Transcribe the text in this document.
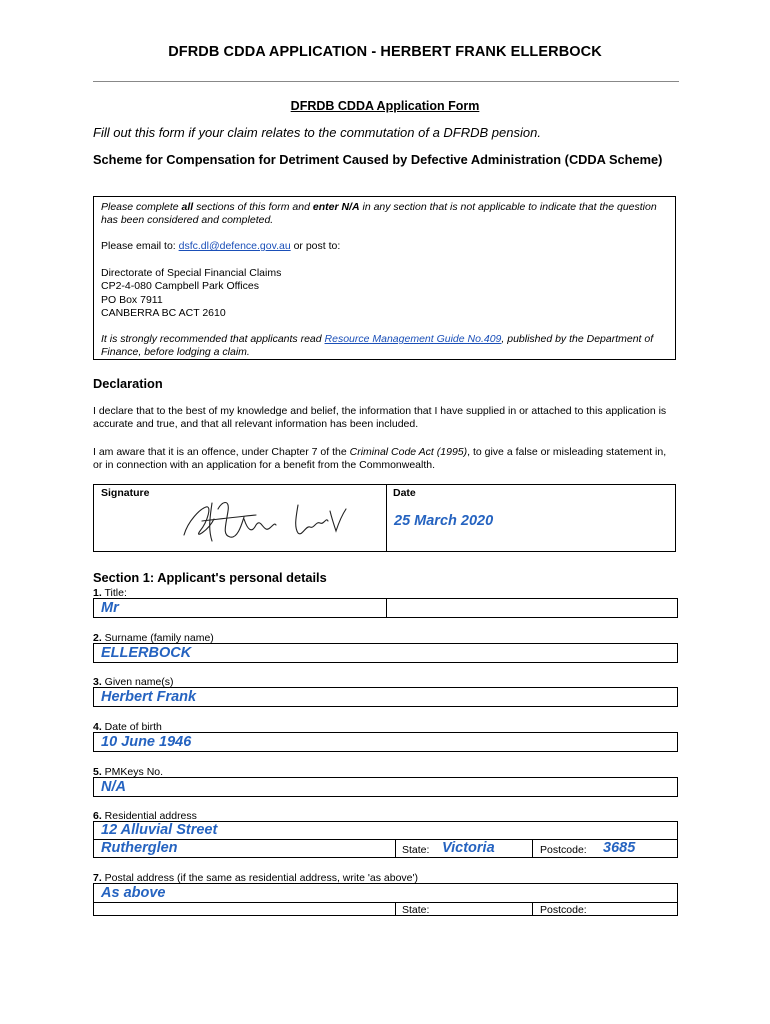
DFRDB CDDA APPLICATION - HERBERT FRANK ELLERBOCK
DFRDB CDDA Application Form
Fill out this form if your claim relates to the commutation of a DFRDB pension.
Scheme for Compensation for Detriment Caused by Defective Administration (CDDA Scheme)
Please complete all sections of this form and enter N/A in any section that is not applicable to indicate that the question has been considered and completed.
Please email to: dsfc.dl@defence.gov.au or post to:
Directorate of Special Financial Claims
CP2-4-080 Campbell Park Offices
PO Box 7911
CANBERRA BC ACT 2610
It is strongly recommended that applicants read Resource Management Guide No.409, published by the Department of Finance, before lodging a claim.
Declaration
I declare that to the best of my knowledge and belief, the information that I have supplied in or attached to this application is accurate and true, and that all relevant information has been included.
I am aware that it is an offence, under Chapter 7 of the Criminal Code Act (1995), to give a false or misleading statement in, or in connection with an application for a benefit from the Commonwealth.
Signature	Date
25 March 2020
Section 1: Applicant's personal details
1. Title:
Mr
2. Surname (family name)
ELLERBOCK
3. Given name(s)
Herbert Frank
4. Date of birth
10 June 1946
5. PMKeys No.
N/A
6. Residential address
12 Alluvial Street
Rutherglen	State: Victoria	Postcode: 3685
7. Postal address (if the same as residential address, write 'as above')
As above
State:	Postcode:
